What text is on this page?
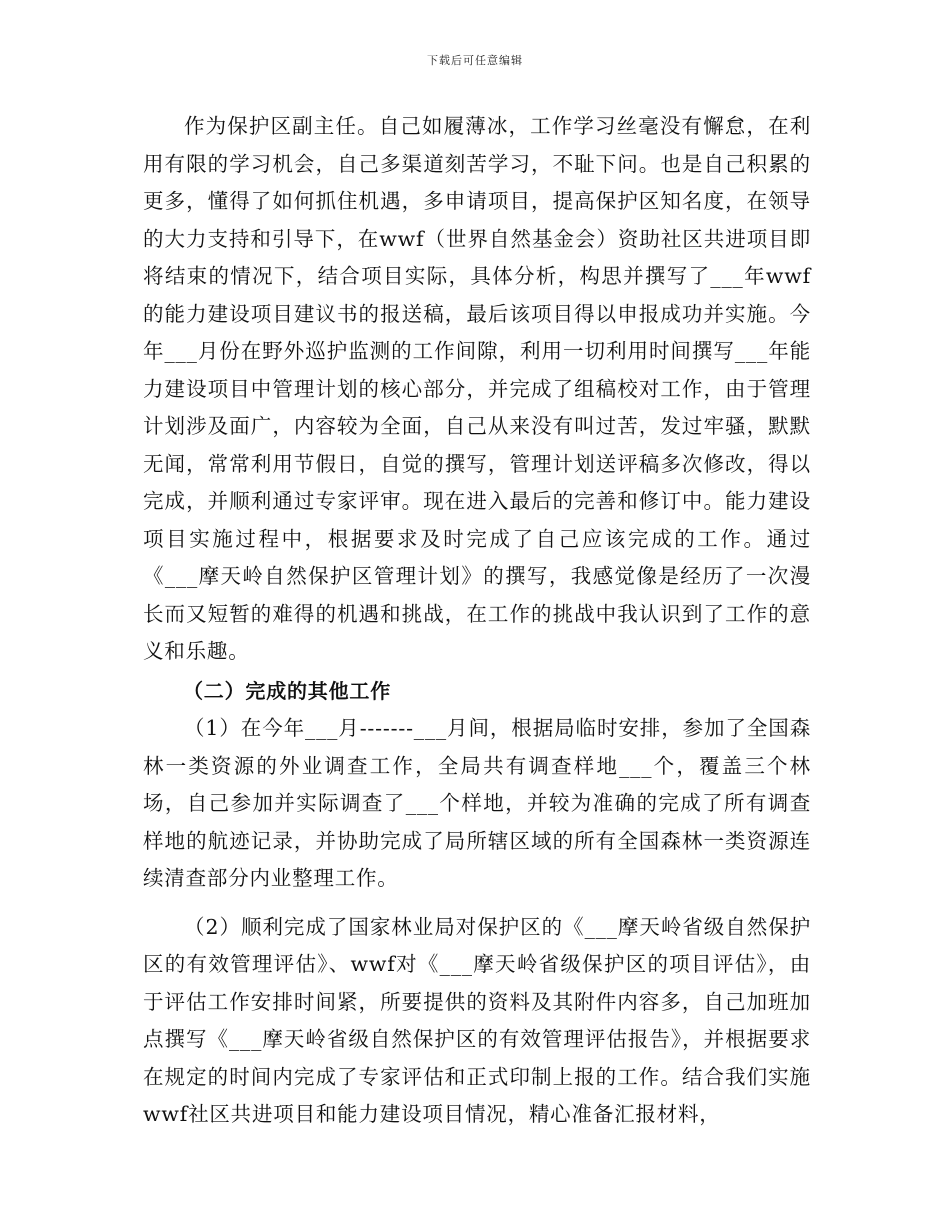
下载后可任意编辑

作为保护区副主任。自己如履薄冰，工作学习丝毫没有懈怠，在利用有限的学习机会，自己多渠道刻苦学习，不耻下问。也是自己积累的更多，懂得了如何抓住机遇，多申请项目，提高保护区知名度，在领导的大力支持和引导下，在wwf（世界自然基金会）资助社区共进项目即将结束的情况下，结合项目实际，具体分析，构思并撰写了___年wwf的能力建设项目建议书的报送稿，最后该项目得以申报成功并实施。今年___月份在野外巡护监测的工作间隙，利用一切利用时间撰写___年能力建设项目中管理计划的核心部分，并完成了组稿校对工作，由于管理计划涉及面广，内容较为全面，自己从来没有叫过苦，发过牢骚，默默无闻，常常利用节假日，自觉的撰写，管理计划送评稿多次修改，得以完成，并顺利通过专家评审。现在进入最后的完善和修订中。能力建设项目实施过程中，根据要求及时完成了自己应该完成的工作。通过《___摩天岭自然保护区管理计划》的撰写，我感觉像是经历了一次漫长而又短暂的难得的机遇和挑战，在工作的挑战中我认识到了工作的意义和乐趣。

（二）完成的其他工作

（1）在今年___月-------___月间，根据局临时安排，参加了全国森林一类资源的外业调查工作，全局共有调查样地___个，覆盖三个林场，自己参加并实际调查了___个样地，并较为准确的完成了所有调查样地的航迹记录，并协助完成了局所辖区域的所有全国森林一类资源连续清查部分内业整理工作。

（2）顺利完成了国家林业局对保护区的《___摩天岭省级自然保护区的有效管理评估》、wwf对《___摩天岭省级保护区的项目评估》，由于评估工作安排时间紧，所要提供的资料及其附件内容多，自己加班加点撰写《___摩天岭省级自然保护区的有效管理评估报告》，并根据要求在规定的时间内完成了专家评估和正式印制上报的工作。结合我们实施wwf社区共进项目和能力建设项目情况，精心准备汇报材料，
